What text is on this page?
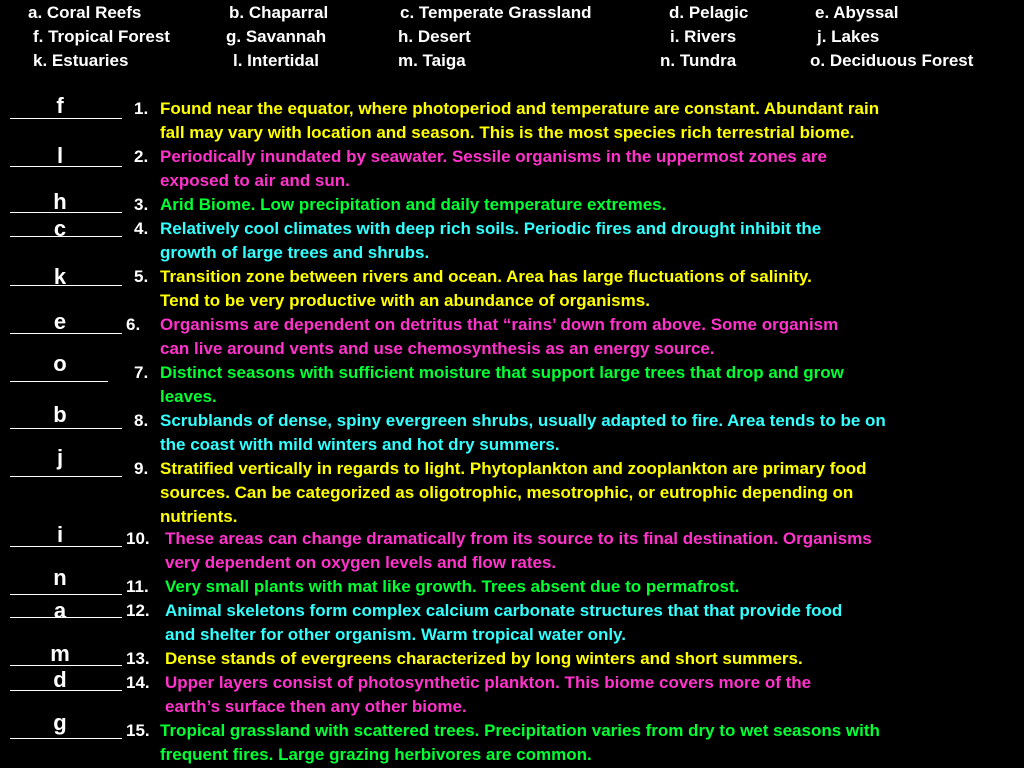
a. Coral Reefs	b. Chaparral	c. Temperate Grassland	d. Pelagic	e. Abyssal
f. Tropical Forest	g. Savannah	h. Desert	i. Rivers	j. Lakes
k. Estuaries	l. Intertidal	m. Taiga	n. Tundra	o. Deciduous Forest
f	1. Found near the equator, where photoperiod and temperature are constant. Abundant rain
fall may vary with location and season. This is the most species rich terrestrial biome.
l	2. Periodically inundated by seawater. Sessile organisms in the uppermost zones are
exposed to air and sun.
h	3. Arid Biome. Low precipitation and daily temperature extremes.
c	4. Relatively cool climates with deep rich soils. Periodic fires and drought inhibit the
growth of large trees and shrubs.
k	5. Transition zone between rivers and ocean. Area has large fluctuations of salinity.
Tend to be very productive with an abundance of organisms.
e	6. Organisms are dependent on detritus that “rains’ down from above. Some organism
can live around vents and use chemosynthesis as an energy source.
o	7. Distinct seasons with sufficient moisture that support large trees that drop and grow
leaves.
b	8. Scrublands of dense, spiny evergreen shrubs, usually adapted to fire. Area tends to be on
the coast with mild winters and hot dry summers.
j	9. Stratified vertically in regards to light. Phytoplankton and zooplankton are primary food
sources. Can be categorized as oligotrophic, mesotrophic, or eutrophic depending on
nutrients.
i	10. These areas can change dramatically from its source to its final destination. Organisms
very dependent on oxygen levels and flow rates.
n	11. Very small plants with mat like growth. Trees absent due to permafrost.
a	12. Animal skeletons form complex calcium carbonate structures that that provide food
and shelter for other organism. Warm tropical water only.
m	13. Dense stands of evergreens characterized by long winters and short summers.
d	14. Upper layers consist of photosynthetic plankton. This biome covers more of the
earth’s surface then any other biome.
g	15. Tropical grassland with scattered trees. Precipitation varies from dry to wet seasons with
frequent fires. Large grazing herbivores are common.
